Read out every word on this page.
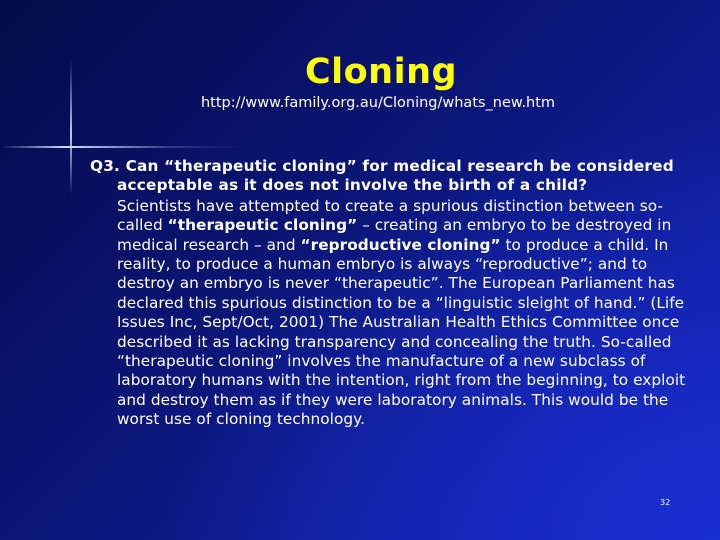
Cloning
http://www.family.org.au/Cloning/whats_new.htm
Q3. Can “therapeutic cloning” for medical research be considered acceptable as it does not involve the birth of a child?
Scientists have attempted to create a spurious distinction between so-called “therapeutic cloning” – creating an embryo to be destroyed in medical research – and “reproductive cloning” to produce a child. In reality, to produce a human embryo is always “reproductive”; and to destroy an embryo is never “therapeutic”. The European Parliament has declared this spurious distinction to be a “linguistic sleight of hand.” (Life Issues Inc, Sept/Oct, 2001) The Australian Health Ethics Committee once described it as lacking transparency and concealing the truth. So-called “therapeutic cloning” involves the manufacture of a new subclass of laboratory humans with the intention, right from the beginning, to exploit and destroy them as if they were laboratory animals. This would be the worst use of cloning technology.
32
